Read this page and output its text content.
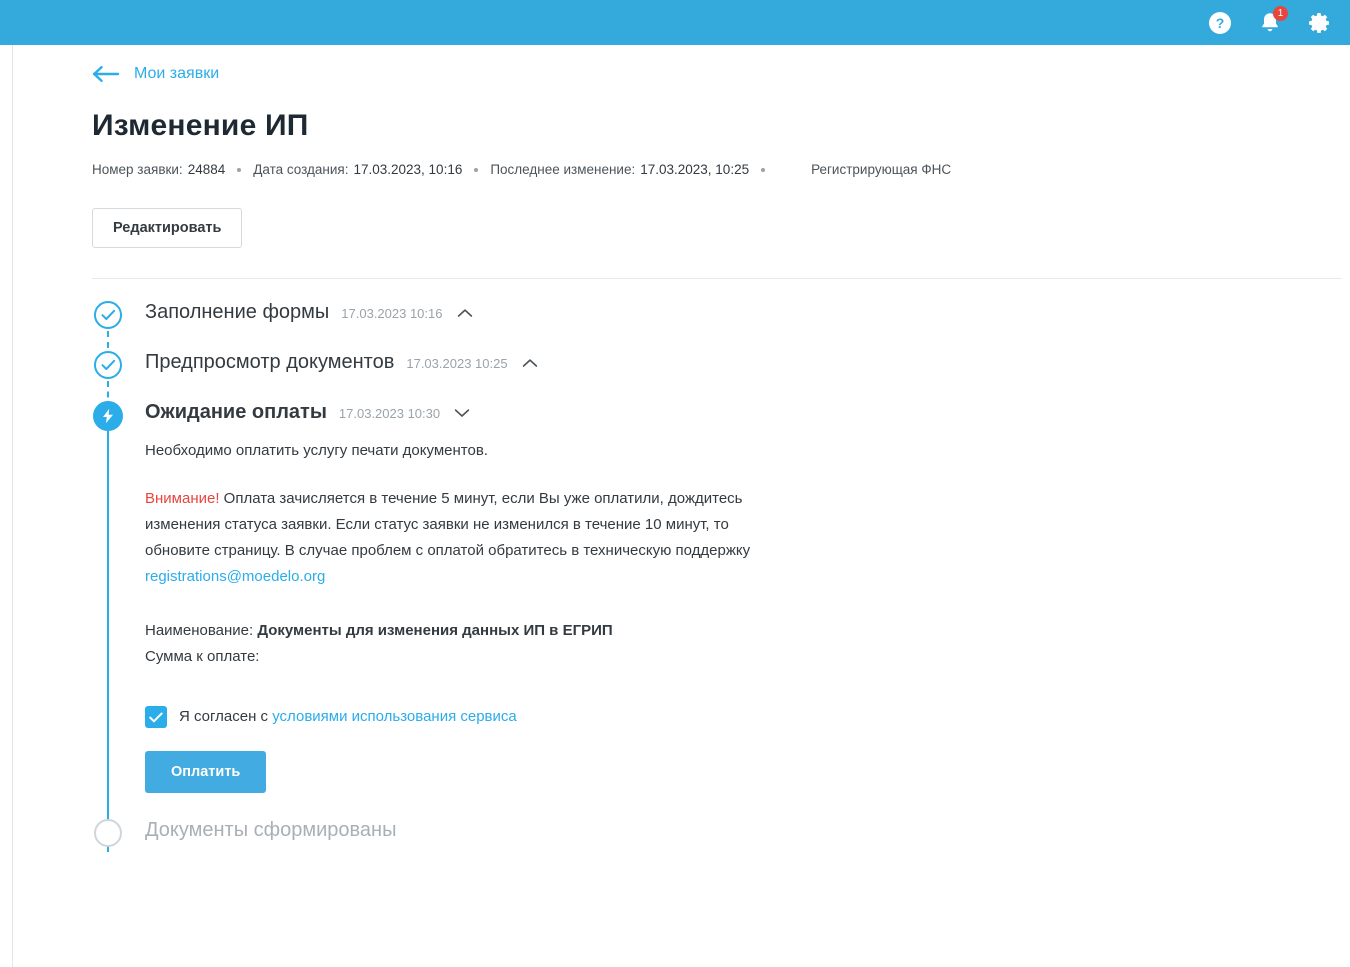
?
1
Мои заявки
Изменение ИП
Номер заявки: 24884 Дата создания: 17.03.2023, 10:16 Последнее изменение: 17.03.2023, 10:25	Регистрирующая ФНС
Редактировать
Заполнение формы 17.03.2023 10:16
Предпросмотр документов 17.03.2023 10:25
Ожидание оплаты 17.03.2023 10:30

Необходимо оплатить услугу печати документов.

Внимание! Оплата зачисляется в течение 5 минут, если Вы уже оплатили, дождитесь изменения статуса заявки. Если статус заявки не изменился в течение 10 минут, то обновите страницу. В случае проблем с оплатой обратитесь в техническую поддержку registrations@moedelo.org

Наименование: Документы для изменения данных ИП в ЕГРИП

Сумма к оплате:

Я согласен с условиями использования сервиса
Оплатить
Документы сформированы
